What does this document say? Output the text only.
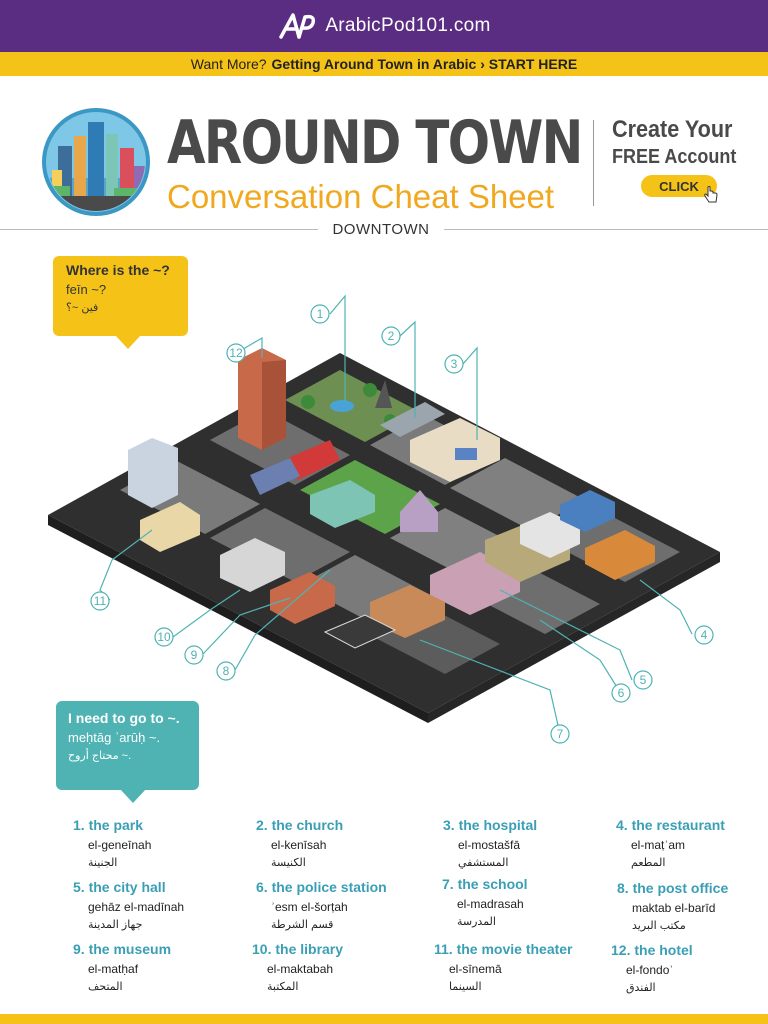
ArabicPod101.com
Want More? Getting Around Town in Arabic › START HERE
AROUND TOWN
Conversation Cheat Sheet
Create Your
FREE Account
CLICK
DOWNTOWN
1
2
3
4
5
6
7
8
9
10
11
12
Where is the ~?
feīn ~?
فين ~؟
I need to go to ~.
meḥtāg ʾarūḥ ~.
محتاج أروح ~.
1. the park
el-geneīnah
الجنينة
2. the church
el-kenīsah
الكنيسة
3. the hospital
el-mostašfā
المستشفي
4. the restaurant
el-maṭʿam
المطعم
5. the city hall
gehāz el-madīnah
جهاز المدينة
6. the police station
ʾesm el-šorṭah
قسم الشرطة
7. the school
el-madrasah
المدرسة
8. the post office
maktab el-barīd
مكتب البريد
9. the museum
el-matḥaf
المتحف
10. the library
el-maktabah
المكتبة
11. the movie theater
el-sīnemā
السينما
12. the hotel
el-fondoʾ
الفندق
